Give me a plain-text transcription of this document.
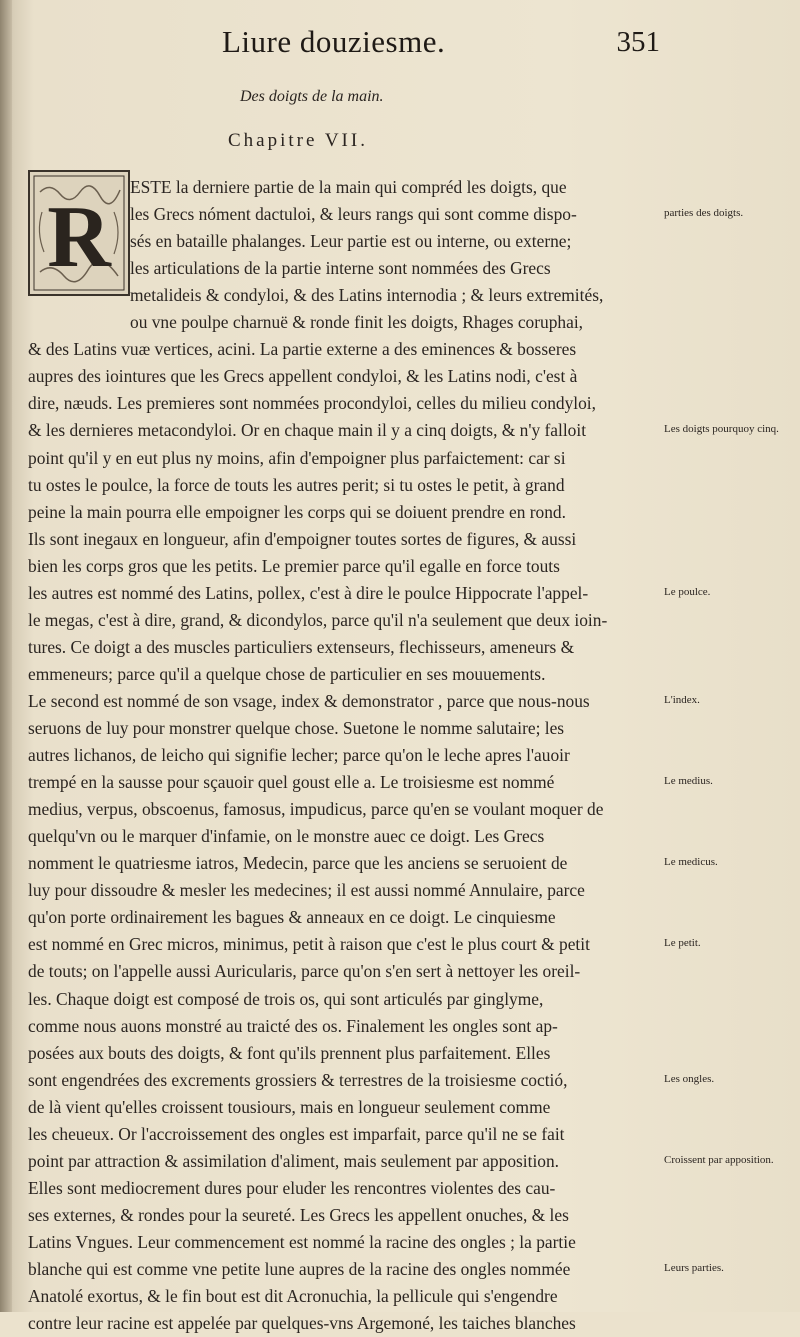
Liure douziesme.	351
Des doigts de la main.
Chapitre VII.
R
ESTE la derniere partie de la main qui compréd les doigts, que
les Grecs nóment dactuloi, & leurs rangs qui sont comme dispo-
sés en bataille phalanges. Leur partie est ou interne, ou externe;
les articulations de la partie interne sont nommées des Grecs
metalideis & condyloi, & des Latins internodia ; & leurs extremités,
ou vne poulpe charnuë & ronde finit les doigts, Rhages coruphai,
& des Latins vuæ vertices, acini. La partie externe a des eminences & bosseres
aupres des iointures que les Grecs appellent condyloi, & les Latins nodi, c'est à
dire, næuds. Les premieres sont nommées procondyloi, celles du milieu condyloi,
& les dernieres metacondyloi. Or en chaque main il y a cinq doigts, & n'y falloit
point qu'il y en eut plus ny moins, afin d'empoigner plus parfaictement: car si
tu ostes le poulce, la force de touts les autres perit; si tu ostes le petit, à grand
peine la main pourra elle empoigner les corps qui se doiuent prendre en rond.
Ils sont inegaux en longueur, afin d'empoigner toutes sortes de figures, & aussi
bien les corps gros que les petits. Le premier parce qu'il egalle en force touts
les autres est nommé des Latins, pollex, c'est à dire le poulce Hippocrate l'appel-
le megas, c'est à dire, grand, & dicondylos, parce qu'il n'a seulement que deux ioin-
tures. Ce doigt a des muscles particuliers extenseurs, flechisseurs, ameneurs &
emmeneurs; parce qu'il a quelque chose de particulier en ses mouuements.
Le second est nommé de son vsage, index & demonstrator , parce que nous-nous
seruons de luy pour monstrer quelque chose. Suetone le nomme salutaire; les
autres lichanos, de leicho qui signifie lecher; parce qu'on le leche apres l'auoir
trempé en la sausse pour sçauoir quel goust elle a. Le troisiesme est nommé
medius, verpus, obscoenus, famosus, impudicus, parce qu'en se voulant moquer de
quelqu'vn ou le marquer d'infamie, on le monstre auec ce doigt. Les Grecs
nomment le quatriesme iatros, Medecin, parce que les anciens se seruoient de
luy pour dissoudre & mesler les medecines; il est aussi nommé Annulaire, parce
qu'on porte ordinairement les bagues & anneaux en ce doigt. Le cinquiesme
est nommé en Grec micros, minimus, petit à raison que c'est le plus court & petit
de touts; on l'appelle aussi Auricularis, parce qu'on s'en sert à nettoyer les oreil-
les. Chaque doigt est composé de trois os, qui sont articulés par ginglyme,
comme nous auons monstré au traicté des os. Finalement les ongles sont ap-
posées aux bouts des doigts, & font qu'ils prennent plus parfaitement. Elles
sont engendrées des excrements grossiers & terrestres de la troisiesme coctió,
de là vient qu'elles croissent tousiours, mais en longueur seulement comme
les cheueux. Or l'accroissement des ongles est imparfait, parce qu'il ne se fait
point par attraction & assimilation d'aliment, mais seulement par apposition.
Elles sont mediocrement dures pour eluder les rencontres violentes des cau-
ses externes, & rondes pour la seureté. Les Grecs les appellent onuches, & les
Latins Vngues. Leur commencement est nommé la racine des ongles ; la partie
blanche qui est comme vne petite lune aupres de la racine des ongles nommée
Anatolé exortus, & le fin bout est dit Acronuchia, la pellicule qui s'engendre
contre leur racine est appelée par quelques-vns Argemoné, les taiches blanches
parties des doigts.
Les doigts pourquoy cinq.
Le poulce.
L'index.
Le medius.
Le medicus.
Le petit.
Les ongles.
Croissent par apposition.
Leurs parties.
